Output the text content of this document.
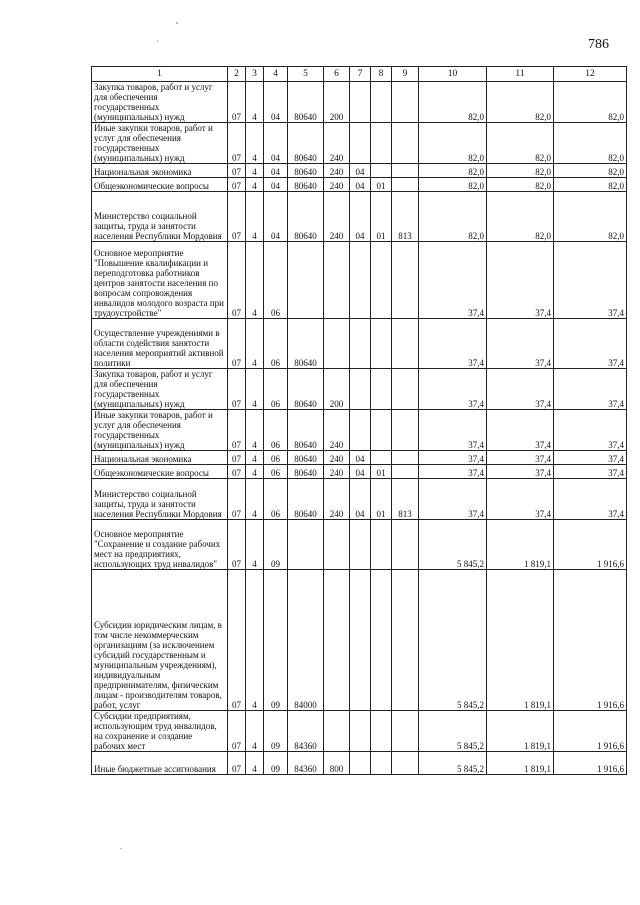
786
1	2	3	4	5	6	7	8	9	10	11	12
Закупка товаров, работ и услуг для обеспечения государственных (муниципальных) нужд	07	4	04	80640	200				82,0	82,0	82,0
Иные закупки товаров, работ и услуг для обеспечения государственных (муниципальных) нужд	07	4	04	80640	240				82,0	82,0	82,0
Национальная экономика	07	4	04	80640	240	04			82,0	82,0	82,0
Общеэкономические вопросы	07	4	04	80640	240	04	01		82,0	82,0	82,0
Министерство социальной защиты, труда и занятости населения Республики Мордовия	07	4	04	80640	240	04	01	813	82,0	82,0	82,0
Основное мероприятие "Повышение квалификации и переподготовка работников центров занятости населения по вопросам сопровождения инвалидов молодого возраста при трудоустройстве"	07	4	06						37,4	37,4	37,4
Осуществление учреждениями в области содействия занятости населения мероприятий активной политики	07	4	06	80640					37,4	37,4	37,4
Закупка товаров, работ и услуг для обеспечения государственных (муниципальных) нужд	07	4	06	80640	200				37,4	37,4	37,4
Иные закупки товаров, работ и услуг для обеспечения государственных (муниципальных) нужд	07	4	06	80640	240				37,4	37,4	37,4
Национальная экономика	07	4	06	80640	240	04			37,4	37,4	37,4
Общеэкономические вопросы	07	4	06	80640	240	04	01		37,4	37,4	37,4
Министерство социальной защиты, труда и занятости населения Республики Мордовия	07	4	06	80640	240	04	01	813	37,4	37,4	37,4
Основное мероприятие "Сохранение и создание рабочих мест на предприятиях, использующих труд инвалидов"	07	4	09						5 845,2	1 819,1	1 916,6
Субсидии юридическим лицам, в том числе некоммерческим организациям (за исключением субсидий государственным и муниципальным учреждениям), индивидуальным предпринимателям, физическим лицам - производителям товаров, работ, услуг	07	4	09	84000					5 845,2	1 819,1	1 916,6
Субсидии предприятиям, использующим труд инвалидов, на сохранение и создание рабочих мест	07	4	09	84360					5 845,2	1 819,1	1 916,6
Иные бюджетные ассигнования	07	4	09	84360	800				5 845,2	1 819,1	1 916,6
